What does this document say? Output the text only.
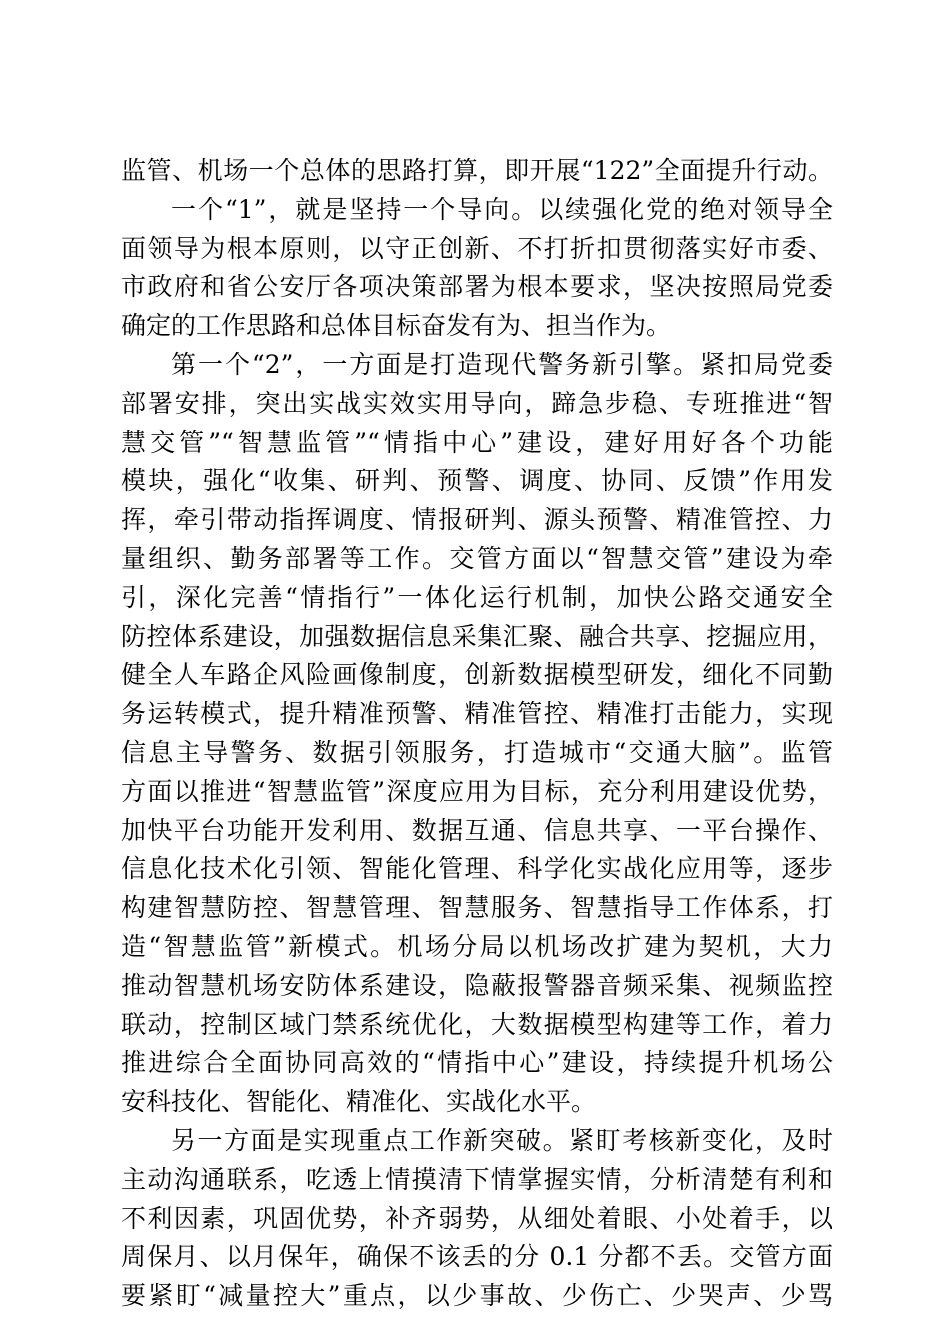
监管、机场一个总体的思路打算，即开展“122”全面提升行动。
一个“1”，就是坚持一个导向。以续强化党的绝对领导全
面领导为根本原则，以守正创新、不打折扣贯彻落实好市委、
市政府和省公安厅各项决策部署为根本要求，坚决按照局党委
确定的工作思路和总体目标奋发有为、担当作为。
第一个“2”，一方面是打造现代警务新引擎。紧扣局党委
部署安排，突出实战实效实用导向，蹄急步稳、专班推进“智
慧交管”“智慧监管”“情指中心”建设，建好用好各个功能
模块，强化“收集、研判、预警、调度、协同、反馈”作用发
挥，牵引带动指挥调度、情报研判、源头预警、精准管控、力
量组织、勤务部署等工作。交管方面以“智慧交管”建设为牵
引，深化完善“情指行”一体化运行机制，加快公路交通安全
防控体系建设，加强数据信息采集汇聚、融合共享、挖掘应用，
健全人车路企风险画像制度，创新数据模型研发，细化不同勤
务运转模式，提升精准预警、精准管控、精准打击能力，实现
信息主导警务、数据引领服务，打造城市“交通大脑”。监管
方面以推进“智慧监管”深度应用为目标，充分利用建设优势，
加快平台功能开发利用、数据互通、信息共享、一平台操作、
信息化技术化引领、智能化管理、科学化实战化应用等，逐步
构建智慧防控、智慧管理、智慧服务、智慧指导工作体系，打
造“智慧监管”新模式。机场分局以机场改扩建为契机，大力
推动智慧机场安防体系建设，隐蔽报警器音频采集、视频监控
联动，控制区域门禁系统优化，大数据模型构建等工作，着力
推进综合全面协同高效的“情指中心”建设，持续提升机场公
安科技化、智能化、精准化、实战化水平。
另一方面是实现重点工作新突破。紧盯考核新变化，及时
主动沟通联系，吃透上情摸清下情掌握实情，分析清楚有利和
不利因素，巩固优势，补齐弱势，从细处着眼、小处着手，以
周保月、以月保年，确保不该丢的分 0.1 分都不丢。交管方面
要紧盯“减量控大”重点，以少事故、少伤亡、少哭声、少骂
